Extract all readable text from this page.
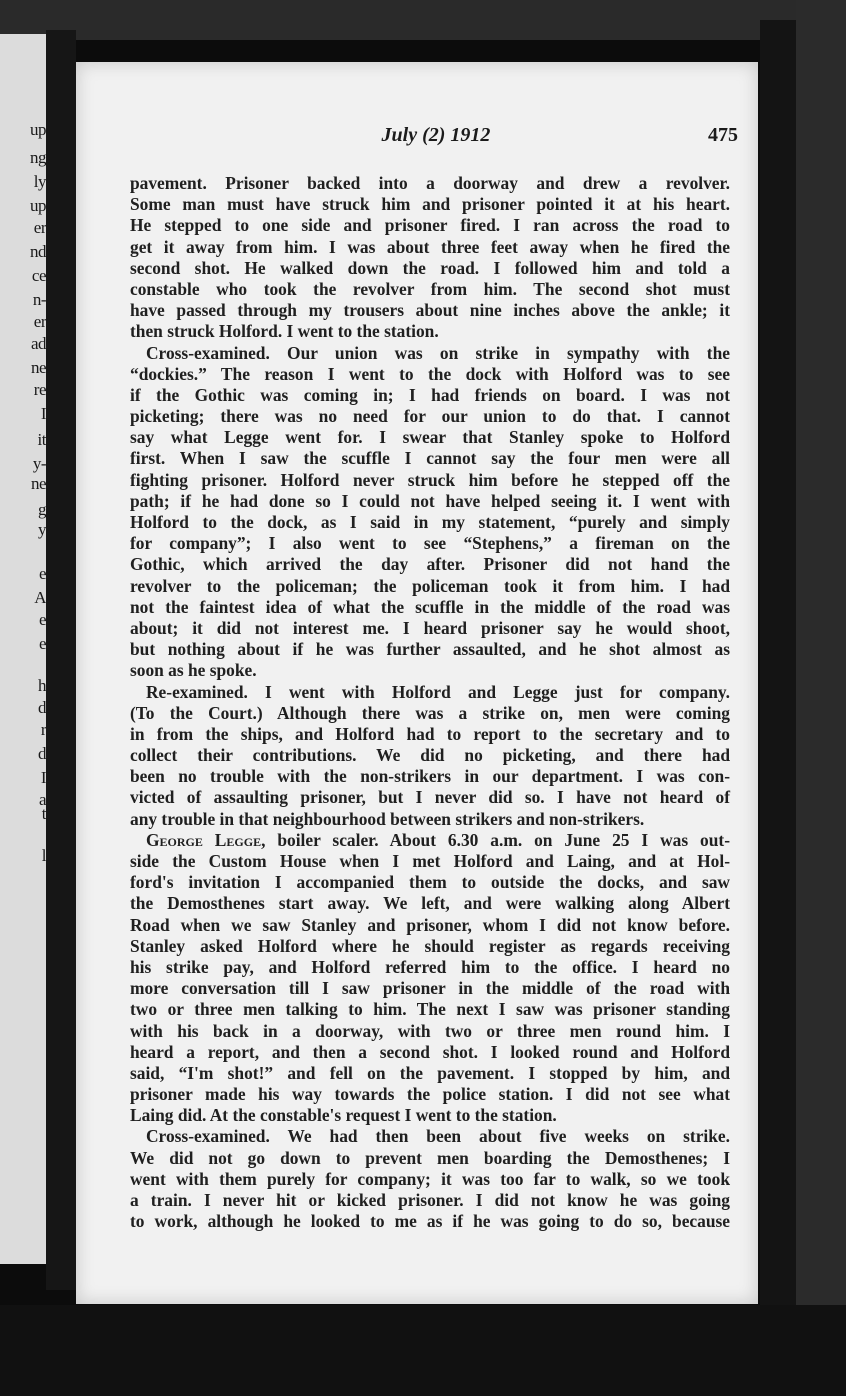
up
ng
ly
up
er
nd
ce
n-
er
ad
ne
re
I
it
y-
ne
g
y
e
A
e
e
h
d
r
d
I
a
t
l
July (2) 1912	475
pavement. Prisoner backed into a doorway and drew a revolver.
Some man must have struck him and prisoner pointed it at his heart.
He stepped to one side and prisoner fired. I ran across the road to
get it away from him. I was about three feet away when he fired the
second shot. He walked down the road. I followed him and told a
constable who took the revolver from him. The second shot must
have passed through my trousers about nine inches above the ankle; it
then struck Holford. I went to the station.
Cross-examined. Our union was on strike in sympathy with the
“dockies.” The reason I went to the dock with Holford was to see
if the Gothic was coming in; I had friends on board. I was not
picketing; there was no need for our union to do that. I cannot
say what Legge went for. I swear that Stanley spoke to Holford
first. When I saw the scuffle I cannot say the four men were all
fighting prisoner. Holford never struck him before he stepped off the
path; if he had done so I could not have helped seeing it. I went with
Holford to the dock, as I said in my statement, “purely and simply
for company”; I also went to see “Stephens,” a fireman on the
Gothic, which arrived the day after. Prisoner did not hand the
revolver to the policeman; the policeman took it from him. I had
not the faintest idea of what the scuffle in the middle of the road was
about; it did not interest me. I heard prisoner say he would shoot,
but nothing about if he was further assaulted, and he shot almost as
soon as he spoke.
Re-examined. I went with Holford and Legge just for company.
(To the Court.) Although there was a strike on, men were coming
in from the ships, and Holford had to report to the secretary and to
collect their contributions. We did no picketing, and there had
been no trouble with the non-strikers in our department. I was con-
victed of assaulting prisoner, but I never did so. I have not heard of
any trouble in that neighbourhood between strikers and non-strikers.
George Legge, boiler scaler. About 6.30 a.m. on June 25 I was out-
side the Custom House when I met Holford and Laing, and at Hol-
ford's invitation I accompanied them to outside the docks, and saw
the Demosthenes start away. We left, and were walking along Albert
Road when we saw Stanley and prisoner, whom I did not know before.
Stanley asked Holford where he should register as regards receiving
his strike pay, and Holford referred him to the office. I heard no
more conversation till I saw prisoner in the middle of the road with
two or three men talking to him. The next I saw was prisoner standing
with his back in a doorway, with two or three men round him. I
heard a report, and then a second shot. I looked round and Holford
said, “I'm shot!” and fell on the pavement. I stopped by him, and
prisoner made his way towards the police station. I did not see what
Laing did. At the constable's request I went to the station.
Cross-examined. We had then been about five weeks on strike.
We did not go down to prevent men boarding the Demosthenes; I
went with them purely for company; it was too far to walk, so we took
a train. I never hit or kicked prisoner. I did not know he was going
to work, although he looked to me as if he was going to do so, because
